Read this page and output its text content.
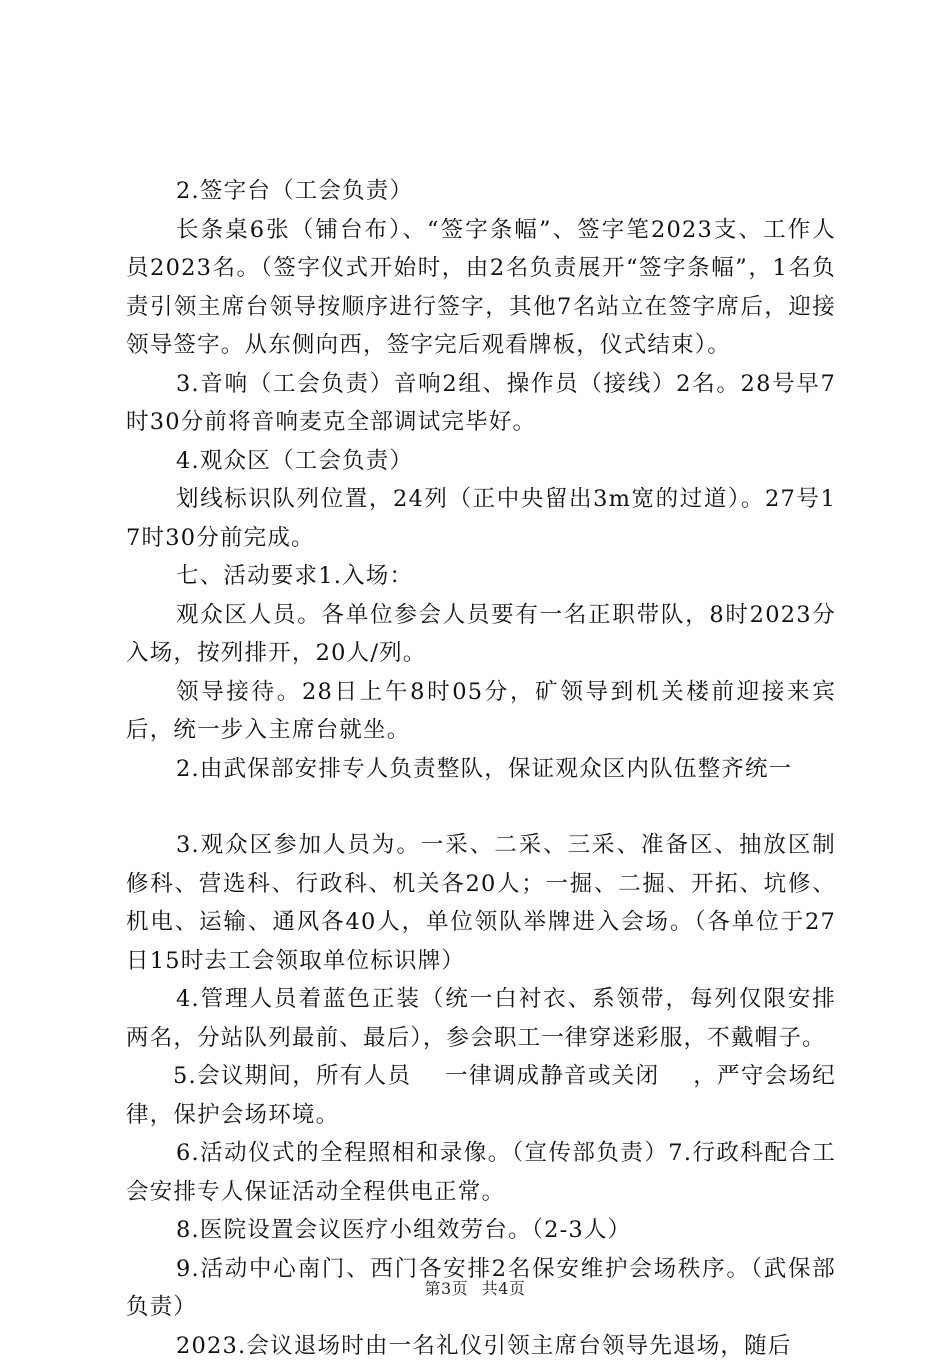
2.签字台（工会负责）

长条桌6张（铺台布）、“签字条幅”、签字笔2023支、工作人员2023名。（签字仪式开始时，由2名负责展开“签字条幅”，1名负责引领主席台领导按顺序进行签字，其他7名站立在签字席后，迎接领导签字。从东侧向西，签字完后观看牌板，仪式结束）。

3.音响（工会负责）音响2组、操作员（接线）2名。28号早7时30分前将音响麦克全部调试完毕好。

4.观众区（工会负责）

划线标识队列位置，24列（正中央留出3m宽的过道）。27号17时30分前完成。

七、活动要求1.入场：

观众区人员。各单位参会人员要有一名正职带队，8时2023分入场，按列排开，20人/列。

领导接待。28日上午8时05分，矿领导到机关楼前迎接来宾后，统一步入主席台就坐。

2.由武保部安排专人负责整队，保证观众区内队伍整齐统一

3.观众区参加人员为。一采、二采、三采、准备区、抽放区制修科、营选科、行政科、机关各20人；一掘、二掘、开拓、坑修、机电、运输、通风各40人，单位领队举牌进入会场。（各单位于27日15时去工会领取单位标识牌）

4.管理人员着蓝色正装（统一白衬衣、系领带，每列仅限安排两名，分站队列最前、最后），参会职工一律穿迷彩服，不戴帽子。

5.会议期间，所有人员    一律调成静音或关闭    ，严守会场纪律，保护会场环境。

6.活动仪式的全程照相和录像。（宣传部负责）7.行政科配合工会安排专人保证活动全程供电正常。

8.医院设置会议医疗小组效劳台。（2-3人）

9.活动中心南门、西门各安排2名保安维护会场秩序。（武保部负责）

2023.会议退场时由一名礼仪引领主席台领导先退场，随后

第3页 共4页
